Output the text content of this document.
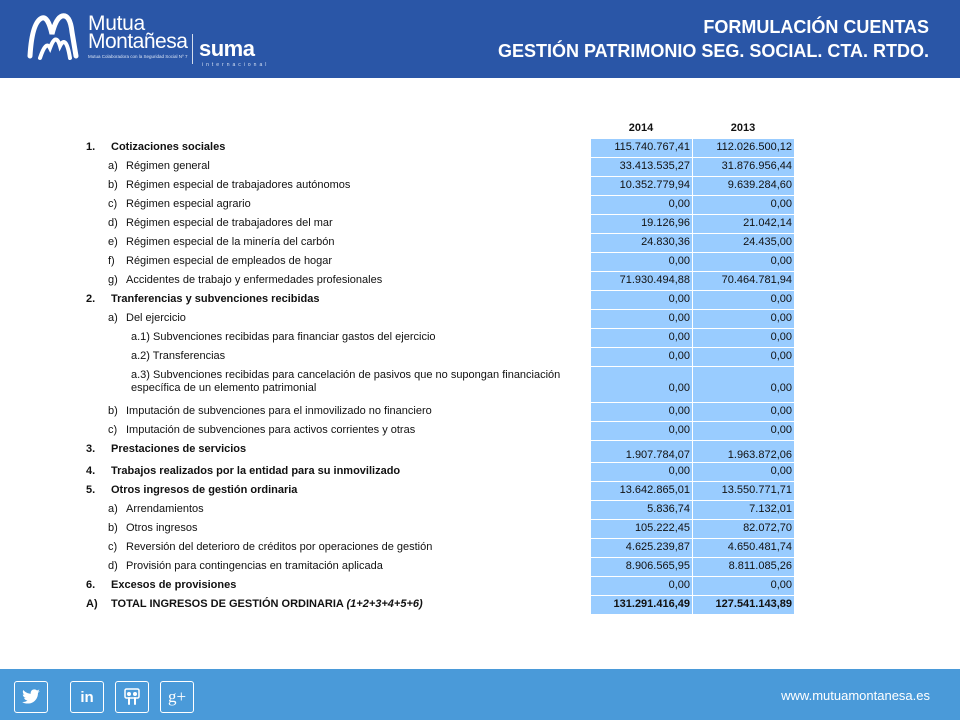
Mutua
Montañesa
Mutua Colaboradora con la Seguridad Social Nº 7 suma
internacional
FORMULACIÓN CUENTAS
GESTIÓN PATRIMONIO SEG. SOCIAL. CTA. RTDO.
2014	2013
1. Cotizaciones sociales	115.740.767,41	112.026.500,12
a) Régimen general	33.413.535,27	31.876.956,44
b) Régimen especial de trabajadores autónomos	10.352.779,94	9.639.284,60
c) Régimen especial agrario	0,00	0,00
d) Régimen especial de trabajadores del mar	19.126,96	21.042,14
e) Régimen especial de la minería del carbón	24.830,36	24.435,00
f) Régimen especial de empleados de hogar	0,00	0,00
g) Accidentes de trabajo y enfermedades profesionales	71.930.494,88	70.464.781,94
2. Tranferencias y subvenciones recibidas	0,00	0,00
a) Del ejercicio	0,00	0,00
a.1) Subvenciones recibidas para financiar gastos del ejercicio	0,00	0,00
a.2) Transferencias	0,00	0,00
a.3) Subvenciones recibidas para cancelación de pasivos que no supongan financiación específica de un elemento patrimonial	0,00	0,00
b) Imputación de subvenciones para el inmovilizado no financiero	0,00	0,00
c) Imputación de subvenciones para activos corrientes y otras	0,00	0,00
3. Prestaciones de servicios	1.907.784,07	1.963.872,06
4. Trabajos realizados por la entidad para su inmovilizado	0,00	0,00
5. Otros ingresos de gestión ordinaria	13.642.865,01	13.550.771,71
a) Arrendamientos	5.836,74	7.132,01
b) Otros ingresos	105.222,45	82.072,70
c) Reversión del deterioro de créditos por operaciones de gestión	4.625.239,87	4.650.481,74
d) Provisión para contingencias en tramitación aplicada	8.906.565,95	8.811.085,26
6. Excesos de provisiones	0,00	0,00
A) TOTAL INGRESOS DE GESTIÓN ORDINARIA (1+2+3+4+5+6)	131.291.416,49	127.541.143,89
in	g+	www.mutuamontanesa.es
